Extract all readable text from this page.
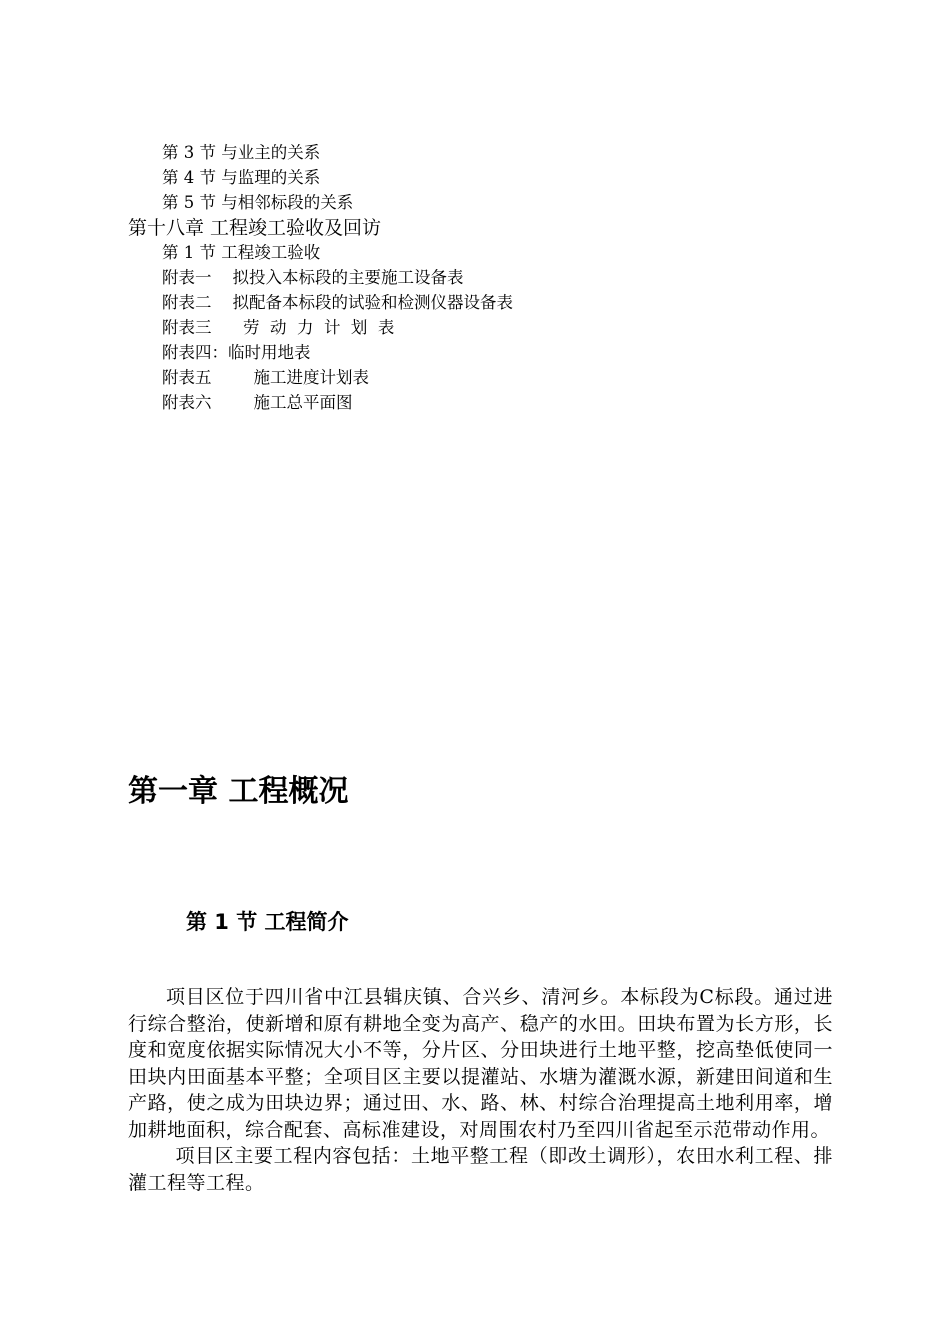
第 3 节 与业主的关系
第 4 节 与监理的关系
第 5 节 与相邻标段的关系
第十八章 工程竣工验收及回访
第 1 节 工程竣工验收
附表一    拟投入本标段的主要施工设备表
附表二    拟配备本标段的试验和检测仪器设备表
附表三      劳  动  力  计  划  表
附表四：临时用地表
附表五        施工进度计划表
附表六        施工总平面图
第一章 工程概况
第 1 节 工程简介

项目区位于四川省中江县辑庆镇、合兴乡、清河乡。本标段为C标段。通过进行综合整治，使新增和原有耕地全变为高产、稳产的水田。田块布置为长方形，长度和宽度依据实际情况大小不等，分片区、分田块进行土地平整，挖高垫低使同一田块内田面基本平整；全项目区主要以提灌站、水塘为灌溉水源，新建田间道和生产路，使之成为田块边界；通过田、水、路、林、村综合治理提高土地利用率，增加耕地面积，综合配套、高标准建设，对周围农村乃至四川省起至示范带动作用。

项目区主要工程内容包括：土地平整工程（即改土调形），农田水利工程、排灌工程等工程。
